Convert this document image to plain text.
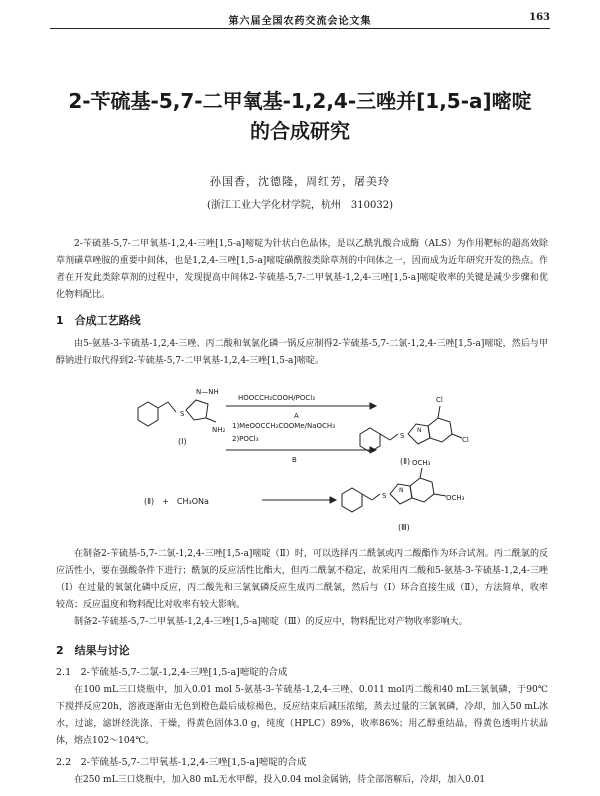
第六届全国农药交流会论文集	163
2-苄硫基-5,7-二甲氧基-1,2,4-三唑并[1,5-a]嘧啶
的合成研究
孙国香，沈德隆，周红芳，屠美玲
(浙江工业大学化材学院，杭州　310032)
2-苄硫基-5,7-二甲氧基-1,2,4-三唑[1,5-a]嘧啶为针状白色晶体，是以乙酰乳酸合成酶（ALS）为作用靶标的超高效除草剂磺草唑胺的重要中间体，也是1,2,4-三唑[1,5-a]嘧啶磺酰胺类除草剂的中间体之一，因而成为近年研究开发的热点。作者在开发此类除草剂的过程中，发现提高中间体2-苄硫基-5,7-二甲氧基-1,2,4-三唑[1,5-a]嘧啶收率的关键是减少步骤和优化物料配比。
1　合成工艺路线
由5-氨基-3-苄硫基-1,2,4-三唑、丙二酸和氧氯化磷一锅反应制得2-苄硫基-5,7-二氯-1,2,4-三唑[1,5-a]嘧啶，然后与甲醇钠进行取代得到2-苄硫基-5,7-二甲氧基-1,2,4-三唑[1,5-a]嘧啶。
S
N—NH
NH₂
(Ⅰ)
HOOCCH₂COOH/POCl₃
A
1)MeOOCCH₂COOMe/NaOCH₃
2)POCl₃
B
S
N
Cl
Cl
(Ⅱ)
(Ⅱ)　+　CH₃ONa
S
N
OCH₃
OCH₃
(Ⅲ)
在制备2-苄硫基-5,7-二氯-1,2,4-三唑[1,5-a]嘧啶（Ⅱ）时，可以选择丙二酰氯或丙二酸酯作为环合试剂。丙二酰氯的反应活性小，要在强酸条件下进行；酰氯的反应活性比酯大，但丙二酰氯不稳定，故采用丙二酸和5-氨基-3-苄硫基-1,2,4-三唑（Ⅰ）在过量的氧氯化磷中反应，丙二酸先和三氯氧磷反应生成丙二酰氯，然后与（Ⅰ）环合直接生成（Ⅱ），方法简单，收率较高；反应温度和物料配比对收率有较大影响。
制备2-苄硫基-5,7-二甲氧基-1,2,4-三唑[1,5-a]嘧啶（Ⅲ）的反应中，物料配比对产物收率影响大。
2　结果与讨论
2.1　2-苄硫基-5,7-二氯-1,2,4-三唑[1,5-a]嘧啶的合成
在100 mL三口烧瓶中，加入0.01 mol 5-氨基-3-苄硫基-1,2,4-三唑、0.011 mol丙二酸和40 mL三氯氧磷，于90℃下搅拌反应20h，溶液逐渐由无色到橙色最后成棕褐色，反应结束后减压浓缩，蒸去过量的三氯氧磷，冷却，加入50 mL冰水，过滤，滤饼经洗涤、干燥，得黄色固体3.0 g，纯度（HPLC）89%，收率86%；用乙醇重结晶，得黄色透明片状晶体，熔点102～104℃。
2.2　2-苄硫基-5,7-二甲氧基-1,2,4-三唑[1,5-a]嘧啶的合成
在250 mL三口烧瓶中，加入80 mL无水甲醇，投入0.04 mol金属钠，待全部溶解后，冷却，加入0.01
